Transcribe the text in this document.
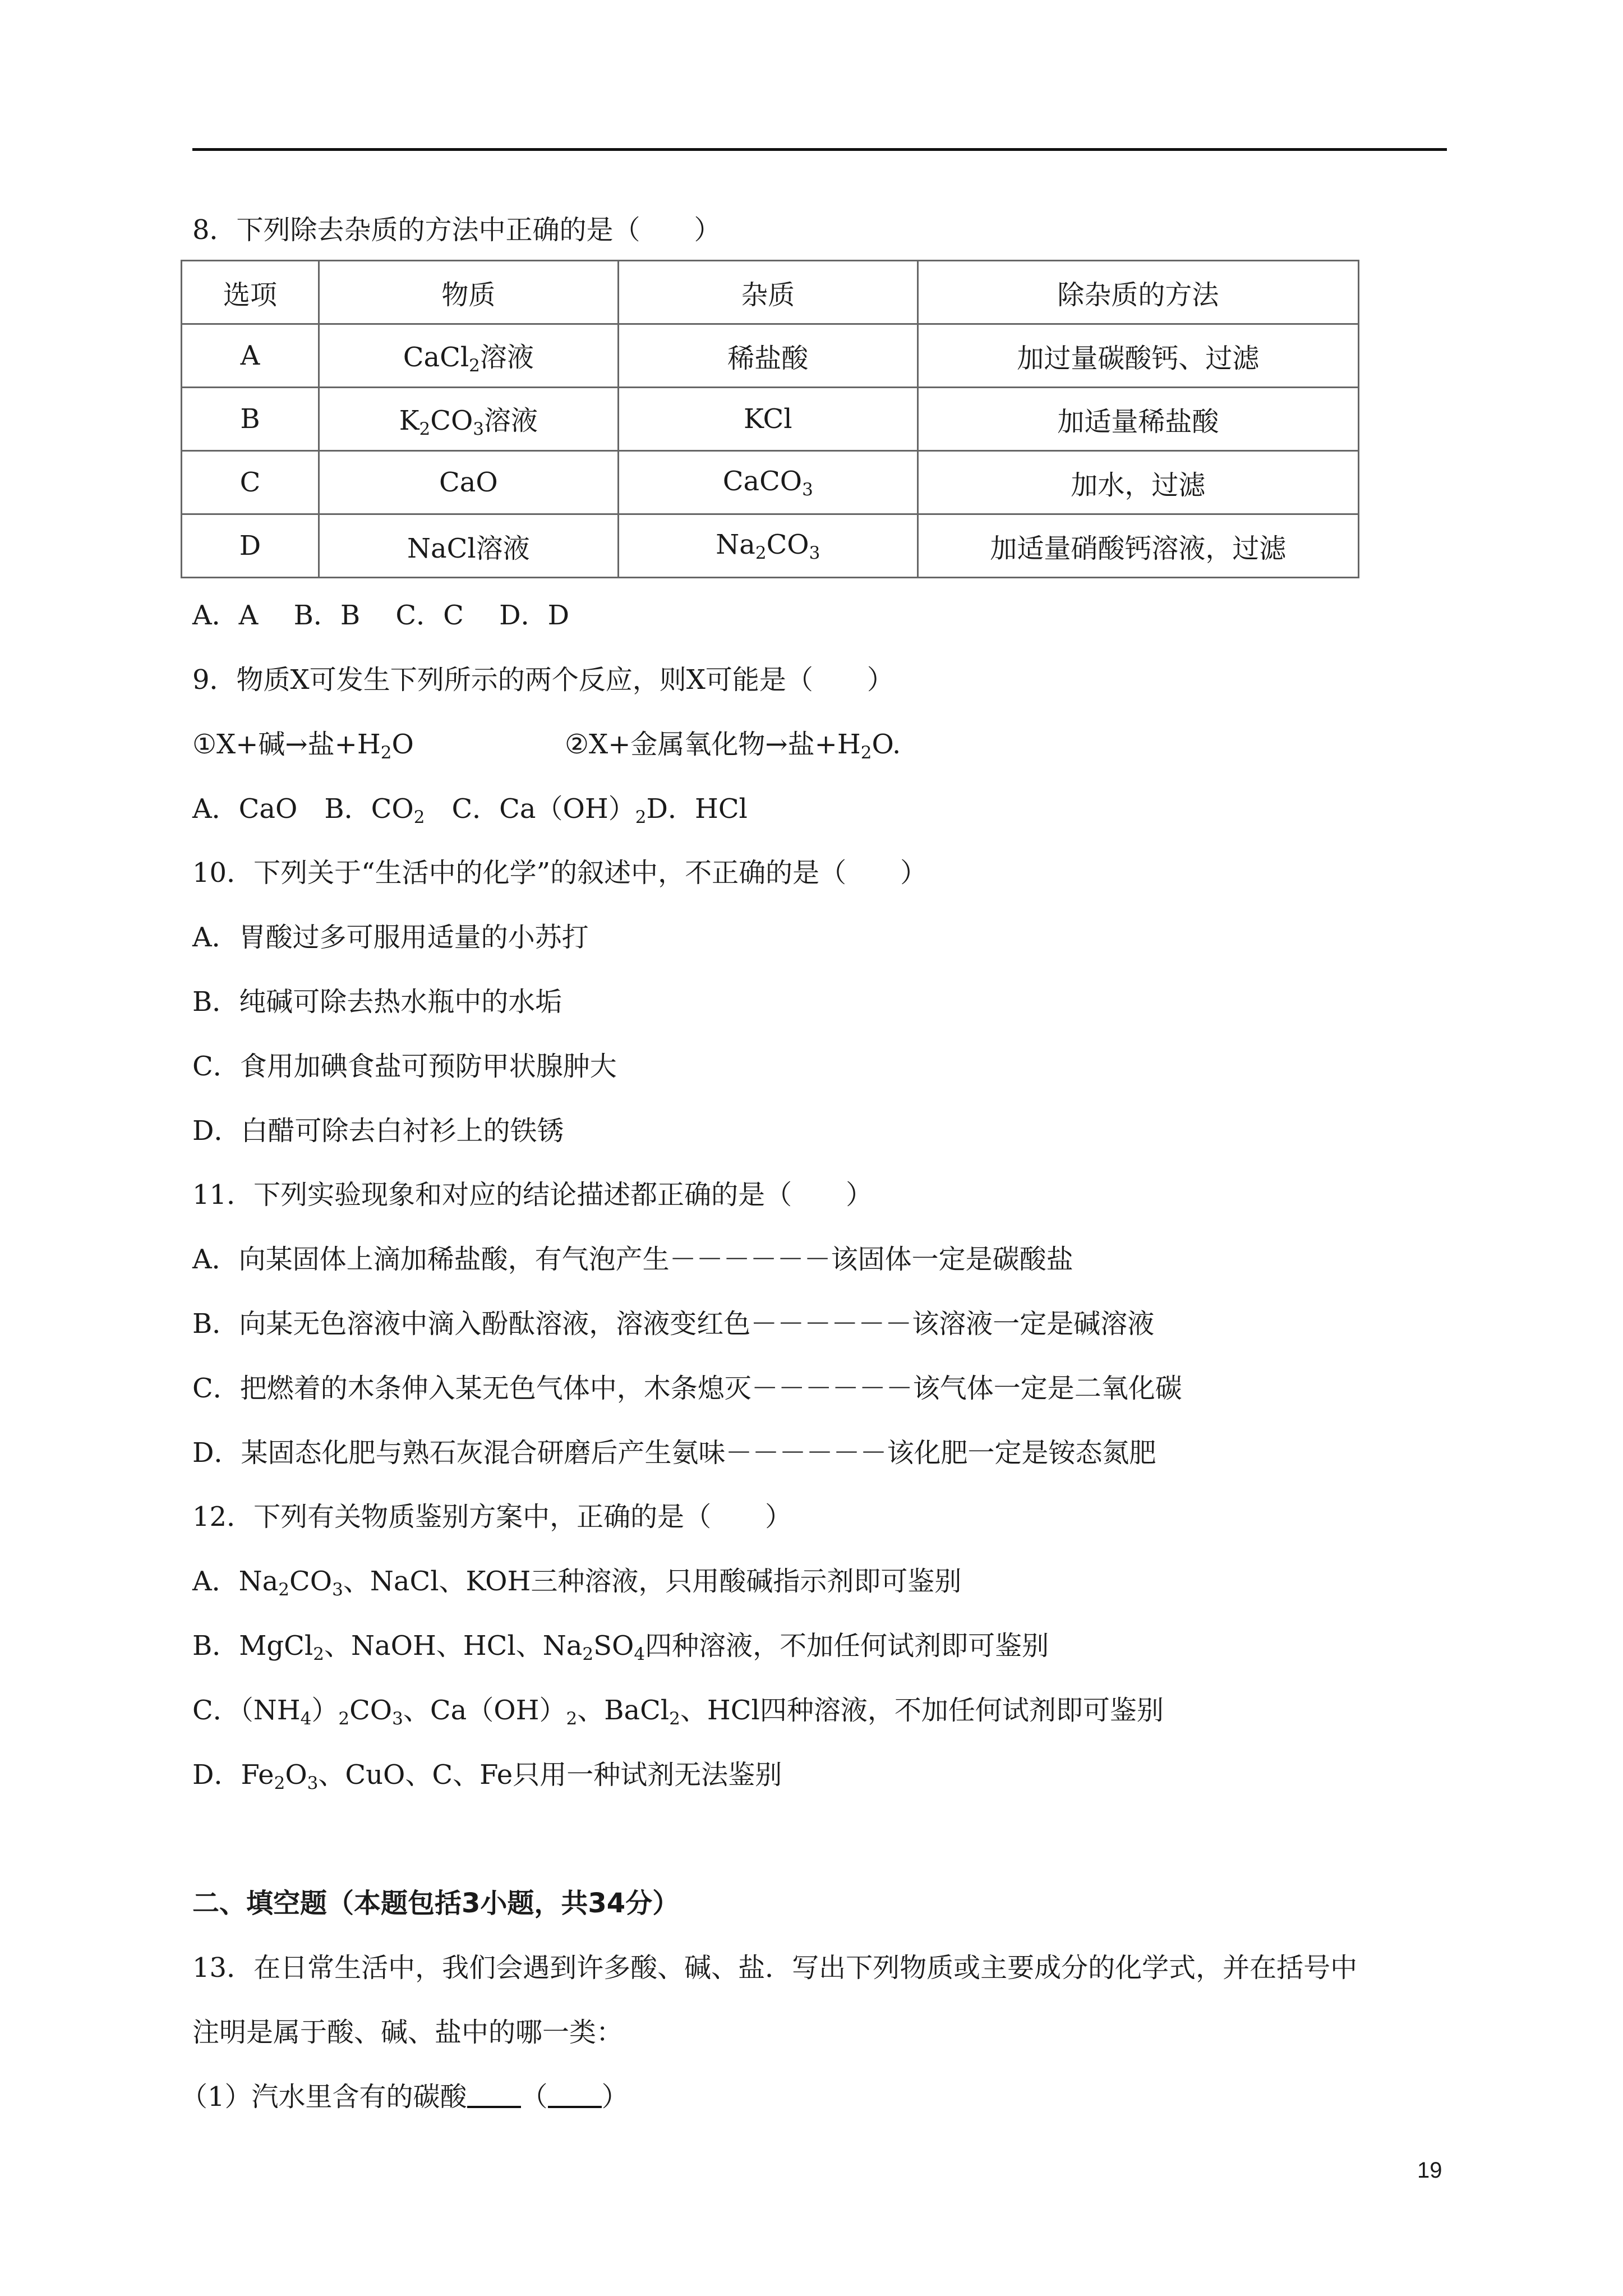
8．下列除去杂质的方法中正确的是（　　）
选项	物质	杂质	除杂质的方法
A	CaCl$_2$溶液	稀盐酸	加过量碳酸钙、过滤
B	$K_2CO_3$溶液	KCl	加适量稀盐酸
C	CaO	CaCO$_3$	加水，过滤
D	NaCl溶液	$Na_2CO_3$	加适量硝酸钙溶液，过滤
A．A　 B．B　 C．C　 D．D
9．物质X可发生下列所示的两个反应，则X可能是（　　）
①X+碱→盐$+H_2O$	②X+金属氧化物→盐$+H_2O$.
A．CaO　B．$CO_2$　C．$Ca(OH)_2D$．HCl
10．下列关于“生活中的化学”的叙述中，不正确的是（　　）
A．胃酸过多可服用适量的小苏打
B．纯碱可除去热水瓶中的水垢
C．食用加碘食盐可预防甲状腺肿大
D．白醋可除去白衬衫上的铁锈
11．下列实验现象和对应的结论描述都正确的是（　　）
A．向某固体上滴加稀盐酸，有气泡产生－－－－－－该固体一定是碳酸盐
B．向某无色溶液中滴入酚酞溶液，溶液变红色－－－－－－该溶液一定是碱溶液
C．把燃着的木条伸入某无色气体中，木条熄灭－－－－－－该气体一定是二氧化碳
D．某固态化肥与熟石灰混合研磨后产生氨味－－－－－－该化肥一定是铵态氮肥
12．下列有关物质鉴别方案中，正确的是（　　）
A．$Na_2CO_3$、NaCl、KOH三种溶液，只用酸碱指示剂即可鉴别
B．MgCl$_2$、NaOH、HCl、$Na_2SO_4$四种溶液，不加任何试剂即可鉴别
C．$(NH_4)_2CO_3$、$Ca(OH)_2$、BaCl$_2$、HCl四种溶液，不加任何试剂即可鉴别
D．$Fe_2O_3$、CuO、C、Fe只用一种试剂无法鉴别
二、填空题（本题包括3小题，共34分）
13．在日常生活中，我们会遇到许多酸、碱、盐．写出下列物质或主要成分的化学式，并在括号中
注明是属于酸、碱、盐中的哪一类：
（1）汽水里含有的碳酸 （ ）
19
